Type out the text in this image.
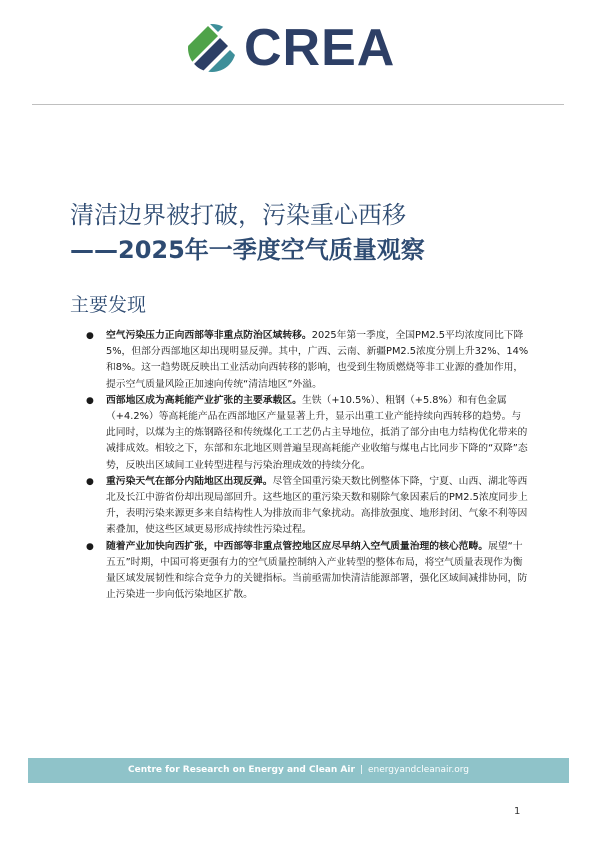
CREA
清洁边界被打破，污染重心西移
——2025年一季度空气质量观察
主要发现
● 空气污染压力正向西部等非重点防治区域转移。2025年第一季度，全国PM2.5平均浓度同比下降5%，但部分西部地区却出现明显反弹。其中，广西、云南、新疆PM2.5浓度分别上升32%、14%和8%。这一趋势既反映出工业活动向西转移的影响，也受到生物质燃烧等非工业源的叠加作用，提示空气质量风险正加速向传统“清洁地区”外溢。
● 西部地区成为高耗能产业扩张的主要承载区。生铁（+10.5%）、粗钢（+5.8%）和有色金属（+4.2%）等高耗能产品在西部地区产量显著上升，显示出重工业产能持续向西转移的趋势。与此同时，以煤为主的炼钢路径和传统煤化工工艺仍占主导地位，抵消了部分由电力结构优化带来的减排成效。相较之下，东部和东北地区则普遍呈现高耗能产业收缩与煤电占比同步下降的“双降”态势，反映出区域间工业转型进程与污染治理成效的持续分化。
● 重污染天气在部分内陆地区出现反弹。尽管全国重污染天数比例整体下降，宁夏、山西、湖北等西北及长江中游省份却出现局部回升。这些地区的重污染天数和剔除气象因素后的PM2.5浓度同步上升，表明污染来源更多来自结构性人为排放而非气象扰动。高排放强度、地形封闭、气象不利等因素叠加，使这些区域更易形成持续性污染过程。
● 随着产业加快向西扩张，中西部等非重点管控地区应尽早纳入空气质量治理的核心范畴。展望“十五五”时期，中国可将更强有力的空气质量控制纳入产业转型的整体布局，将空气质量表现作为衡量区域发展韧性和综合竞争力的关键指标。当前亟需加快清洁能源部署，强化区域间减排协同，防止污染进一步向低污染地区扩散。
Centre for Research on Energy and Clean Air | energyandcleanair.org
1
